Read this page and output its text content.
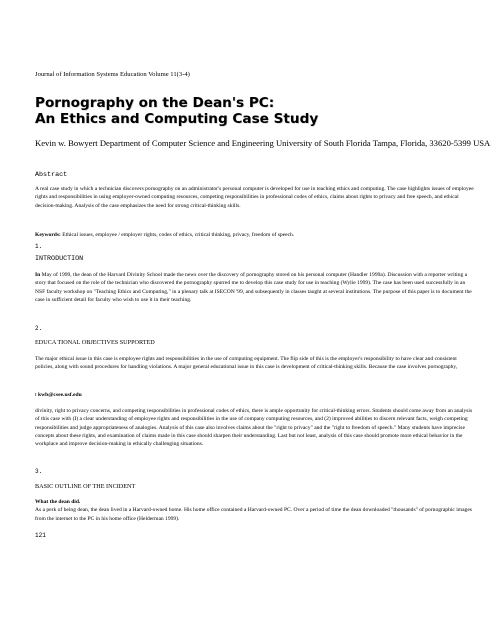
Journal of Information Systems Education Volume 11(3-4)
Pornography on the Dean's PC:
An Ethics and Computing Case Study
Kevin w. Bowyert Department of Computer Science and Engineering University of South Florida Tampa, Florida, 33620-5399 USA
Abstract

A real case study in which a technician discovers pornography on an administrator's personal computer is developed for use in teaching ethics and computing. The case highlights issues of employee rights and responsibilities in using employer-owned computing resources, competing responsibilities in professional codes of ethics, claims about rights to privacy and free speech, and ethical decision-making. Analysis of the case emphasizes the need for strong critical-thinking skills.

Keywords: Ethical issues, employee / employer rights, codes of ethics, critical thinking, privacy, freedom of speech.

1.
INTRODUCTION

In May of 1999, the dean of the Harvard Divinity School made the news over the discovery of pornography stored on his personal computer (Handler 1999a). Discussion with a reporter writing a story that focused on the role of the technician who discovered the pornography spurred me to develop this case study for use in teaching (Wylie 1999). The case has been used successfully in an NSF faculty workshop on "Teaching Ethics and Computing," in a plenary talk at ISECON '99, and subsequently in classes taught at several institutions. The purpose of this paper is to document the case in sufficient detail for faculty who wish to use it in their teaching.

2.
EDUCA TIONAL OBJECTIVES SUPPORTED

The major ethical issue in this case is employee rights and responsibilities in the use of computing equipment. The flip side of this is the employer's responsibility to have clear and consistent policies, along with sound procedures for handling violations. A major general educational issue in this case is development of critical-thinking skills. Because the case involves pornography,

t kwb@csee.usf.edu

divinity, right to privacy concerns, and competing responsibilities in professional codes of ethics, there is ample opportunity for critical-thinking errors. Students should come away from an analysis of this case with (I) a clear understanding of employee rights and responsibilities in the use of company computing resources, and (2) improved abilities to discern relevant facts, weigh competing responsibilities and judge appropriateness of analogies. Analysis of this case also involves claims about the "right to privacy" and the "right to freedom of speech." Many students have imprecise concepts about these rights, and examination of claims made in this case should sharpen their understanding. Last but not least, analysis of this case should promote more ethical behavior in the workplace and improve decision-making in ethically challenging situations.

3.
BASIC OUTLINE OF THE INCIDENT

What the dean did.
As a perk of being dean, the dean lived in a Harvard-owned home. His home office contained a Harvard-owned PC. Over a period of time the dean downloaded "thousands" of pornographic images from the internet to the PC in his home office (Helderman 1999).

121
